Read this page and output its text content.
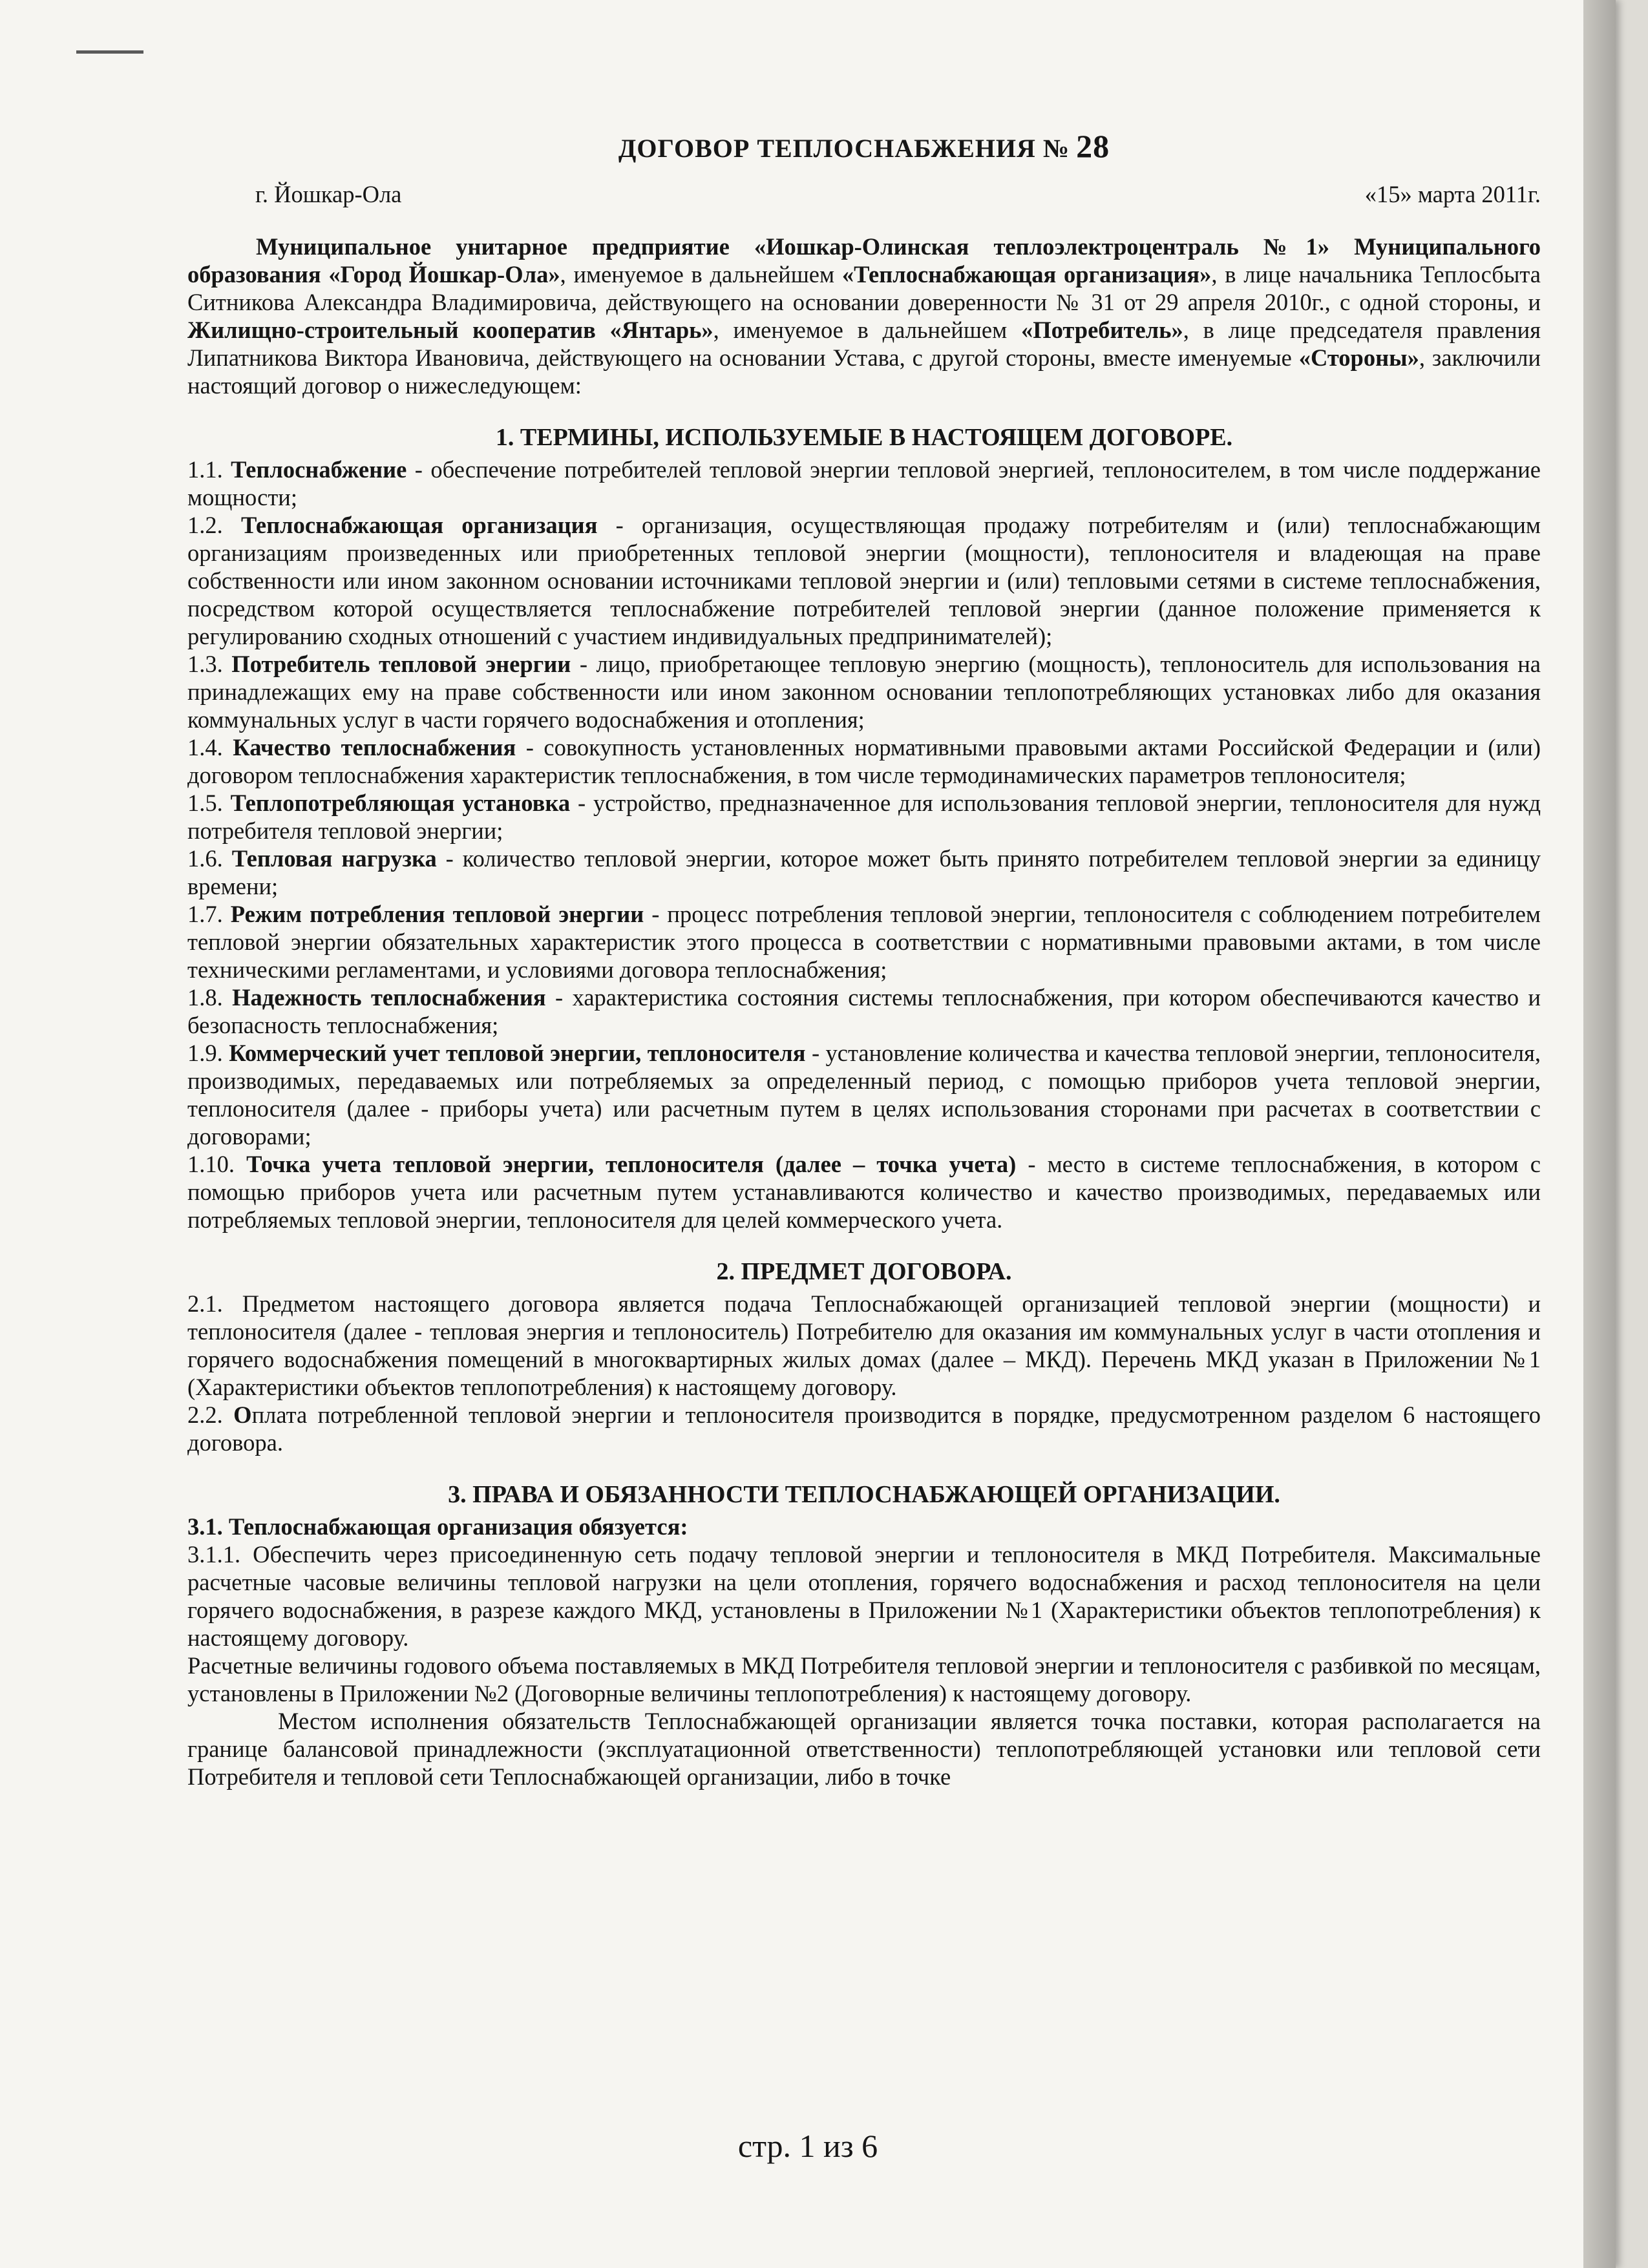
ДОГОВОР ТЕПЛОСНАБЖЕНИЯ № 28
г. Йошкар-Ола	«15» марта 2011г.

Муниципальное унитарное предприятие «Иошкар-Олинская теплоэлектроцентраль №1» Муниципального образования «Город Йошкар-Ола», именуемое в дальнейшем «Теплоснабжающая организация», в лице начальника Теплосбыта Ситникова Александра Владимировича, действующего на основании доверенности № 31 от 29 апреля 2010г., с одной стороны, и Жилищно-строительный кооператив «Янтарь», именуемое в дальнейшем «Потребитель», в лице председателя правления Липатникова Виктора Ивановича, действующего на основании Устава, с другой стороны, вместе именуемые «Стороны», заключили настоящий договор о нижеследующем:

1. ТЕРМИНЫ, ИСПОЛЬЗУЕМЫЕ В НАСТОЯЩЕМ ДОГОВОРЕ.

1.1. Теплоснабжение - обеспечение потребителей тепловой энергии тепловой энергией, теплоносителем, в том числе поддержание мощности;

1.2. Теплоснабжающая организация - организация, осуществляющая продажу потребителям и (или) теплоснабжающим организациям произведенных или приобретенных тепловой энергии (мощности), теплоносителя и владеющая на праве собственности или ином законном основании источниками тепловой энергии и (или) тепловыми сетями в системе теплоснабжения, посредством которой осуществляется теплоснабжение потребителей тепловой энергии (данное положение применяется к регулированию сходных отношений с участием индивидуальных предпринимателей);

1.3. Потребитель тепловой энергии - лицо, приобретающее тепловую энергию (мощность), теплоноситель для использования на принадлежащих ему на праве собственности или ином законном основании теплопотребляющих установках либо для оказания коммунальных услуг в части горячего водоснабжения и отопления;

1.4. Качество теплоснабжения - совокупность установленных нормативными правовыми актами Российской Федерации и (или) договором теплоснабжения характеристик теплоснабжения, в том числе термодинамических параметров теплоносителя;

1.5. Теплопотребляющая установка - устройство, предназначенное для использования тепловой энергии, теплоносителя для нужд потребителя тепловой энергии;

1.6. Тепловая нагрузка - количество тепловой энергии, которое может быть принято потребителем тепловой энергии за единицу времени;

1.7. Режим потребления тепловой энергии - процесс потребления тепловой энергии, теплоносителя с соблюдением потребителем тепловой энергии обязательных характеристик этого процесса в соответствии с нормативными правовыми актами, в том числе техническими регламентами, и условиями договора теплоснабжения;

1.8. Надежность теплоснабжения - характеристика состояния системы теплоснабжения, при котором обеспечиваются качество и безопасность теплоснабжения;

1.9. Коммерческий учет тепловой энергии, теплоносителя - установление количества и качества тепловой энергии, теплоносителя, производимых, передаваемых или потребляемых за определенный период, с помощью приборов учета тепловой энергии, теплоносителя (далее - приборы учета) или расчетным путем в целях использования сторонами при расчетах в соответствии с договорами;

1.10. Точка учета тепловой энергии, теплоносителя (далее – точка учета) - место в системе теплоснабжения, в котором с помощью приборов учета или расчетным путем устанавливаются количество и качество производимых, передаваемых или потребляемых тепловой энергии, теплоносителя для целей коммерческого учета.

2. ПРЕДМЕТ ДОГОВОРА.

2.1. Предметом настоящего договора является подача Теплоснабжающей организацией тепловой энергии (мощности) и теплоносителя (далее - тепловая энергия и теплоноситель) Потребителю для оказания им коммунальных услуг в части отопления и горячего водоснабжения помещений в многоквартирных жилых домах (далее – МКД). Перечень МКД указан в Приложении №1 (Характеристики объектов теплопотребления) к настоящему договору.

2.2. Оплата потребленной тепловой энергии и теплоносителя производится в порядке, предусмотренном разделом 6 настоящего договора.

3. ПРАВА И ОБЯЗАННОСТИ ТЕПЛОСНАБЖАЮЩЕЙ ОРГАНИЗАЦИИ.

3.1. Теплоснабжающая организация обязуется:

3.1.1. Обеспечить через присоединенную сеть подачу тепловой энергии и теплоносителя в МКД Потребителя. Максимальные расчетные часовые величины тепловой нагрузки на цели отопления, горячего водоснабжения и расход теплоносителя на цели горячего водоснабжения, в разрезе каждого МКД, установлены в Приложении №1 (Характеристики объектов теплопотребления) к настоящему договору.

Расчетные величины годового объема поставляемых в МКД Потребителя тепловой энергии и теплоносителя с разбивкой по месяцам, установлены в Приложении №2 (Договорные величины теплопотребления) к настоящему договору.

Местом исполнения обязательств Теплоснабжающей организации является точка поставки, которая располагается на границе балансовой принадлежности (эксплуатационной ответственности) теплопотребляющей установки или тепловой сети Потребителя и тепловой сети Теплоснабжающей организации, либо в точке

стр. 1 из 6
